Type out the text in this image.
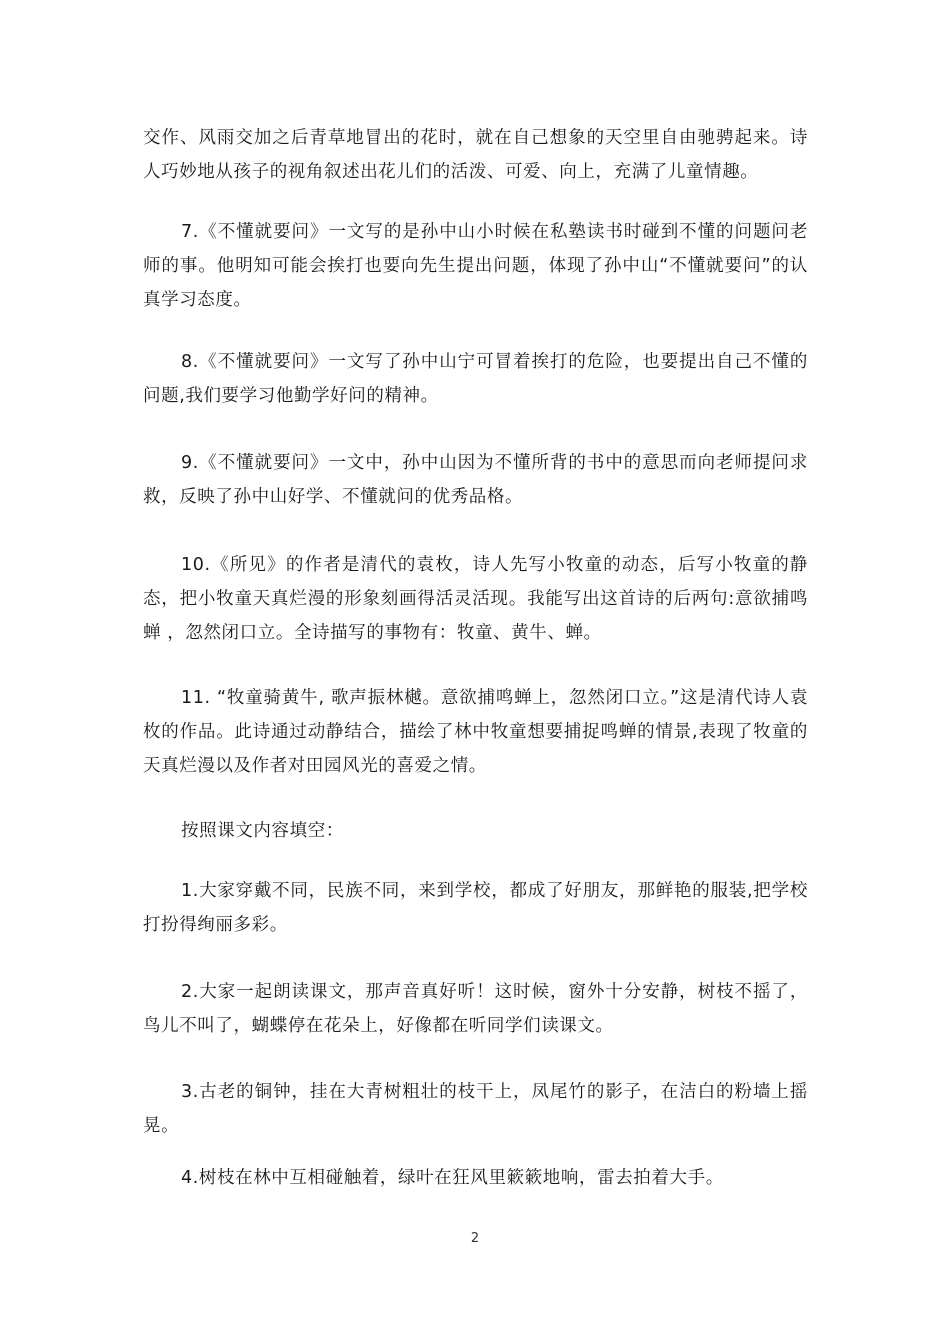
交作、风雨交加之后青草地冒出的花时，就在自己想象的天空里自由驰骋起来。诗人巧妙地从孩子的视角叙述出花儿们的活泼、可爱、向上，充满了儿童情趣。

7.《不懂就要问》一文写的是孙中山小时候在私塾读书时碰到不懂的问题问老师的事。他明知可能会挨打也要向先生提出问题，体现了孙中山“不懂就要问”的认真学习态度。

8.《不懂就要问》一文写了孙中山宁可冒着挨打的危险，也要提出自己不懂的问题,我们要学习他勤学好问的精神。

9.《不懂就要问》一文中，孙中山因为不懂所背的书中的意思而向老师提问求救，反映了孙中山好学、不懂就问的优秀品格。

10.《所见》的作者是清代的袁枚，诗人先写小牧童的动态，后写小牧童的静态，把小牧童天真烂漫的形象刻画得活灵活现。我能写出这首诗的后两句:意欲捕鸣蝉 ，忽然闭口立。全诗描写的事物有：牧童、黄牛、蝉。

11. “牧童骑黄牛, 歌声振林樾。意欲捕鸣蝉上，忽然闭口立。”这是清代诗人袁枚的作品。此诗通过动静结合，描绘了林中牧童想要捕捉鸣蝉的情景,表现了牧童的天真烂漫以及作者对田园风光的喜爱之情。

按照课文内容填空：

1.大家穿戴不同，民族不同，来到学校，都成了好朋友，那鲜艳的服装,把学校打扮得绚丽多彩。

2.大家一起朗读课文，那声音真好听！这时候，窗外十分安静，树枝不摇了，鸟儿不叫了，蝴蝶停在花朵上，好像都在听同学们读课文。

3.古老的铜钟，挂在大青树粗壮的枝干上，凤尾竹的影子，在洁白的粉墙上摇晃。

4.树枝在林中互相碰触着，绿叶在狂风里簌簌地响，雷去拍着大手。

2
